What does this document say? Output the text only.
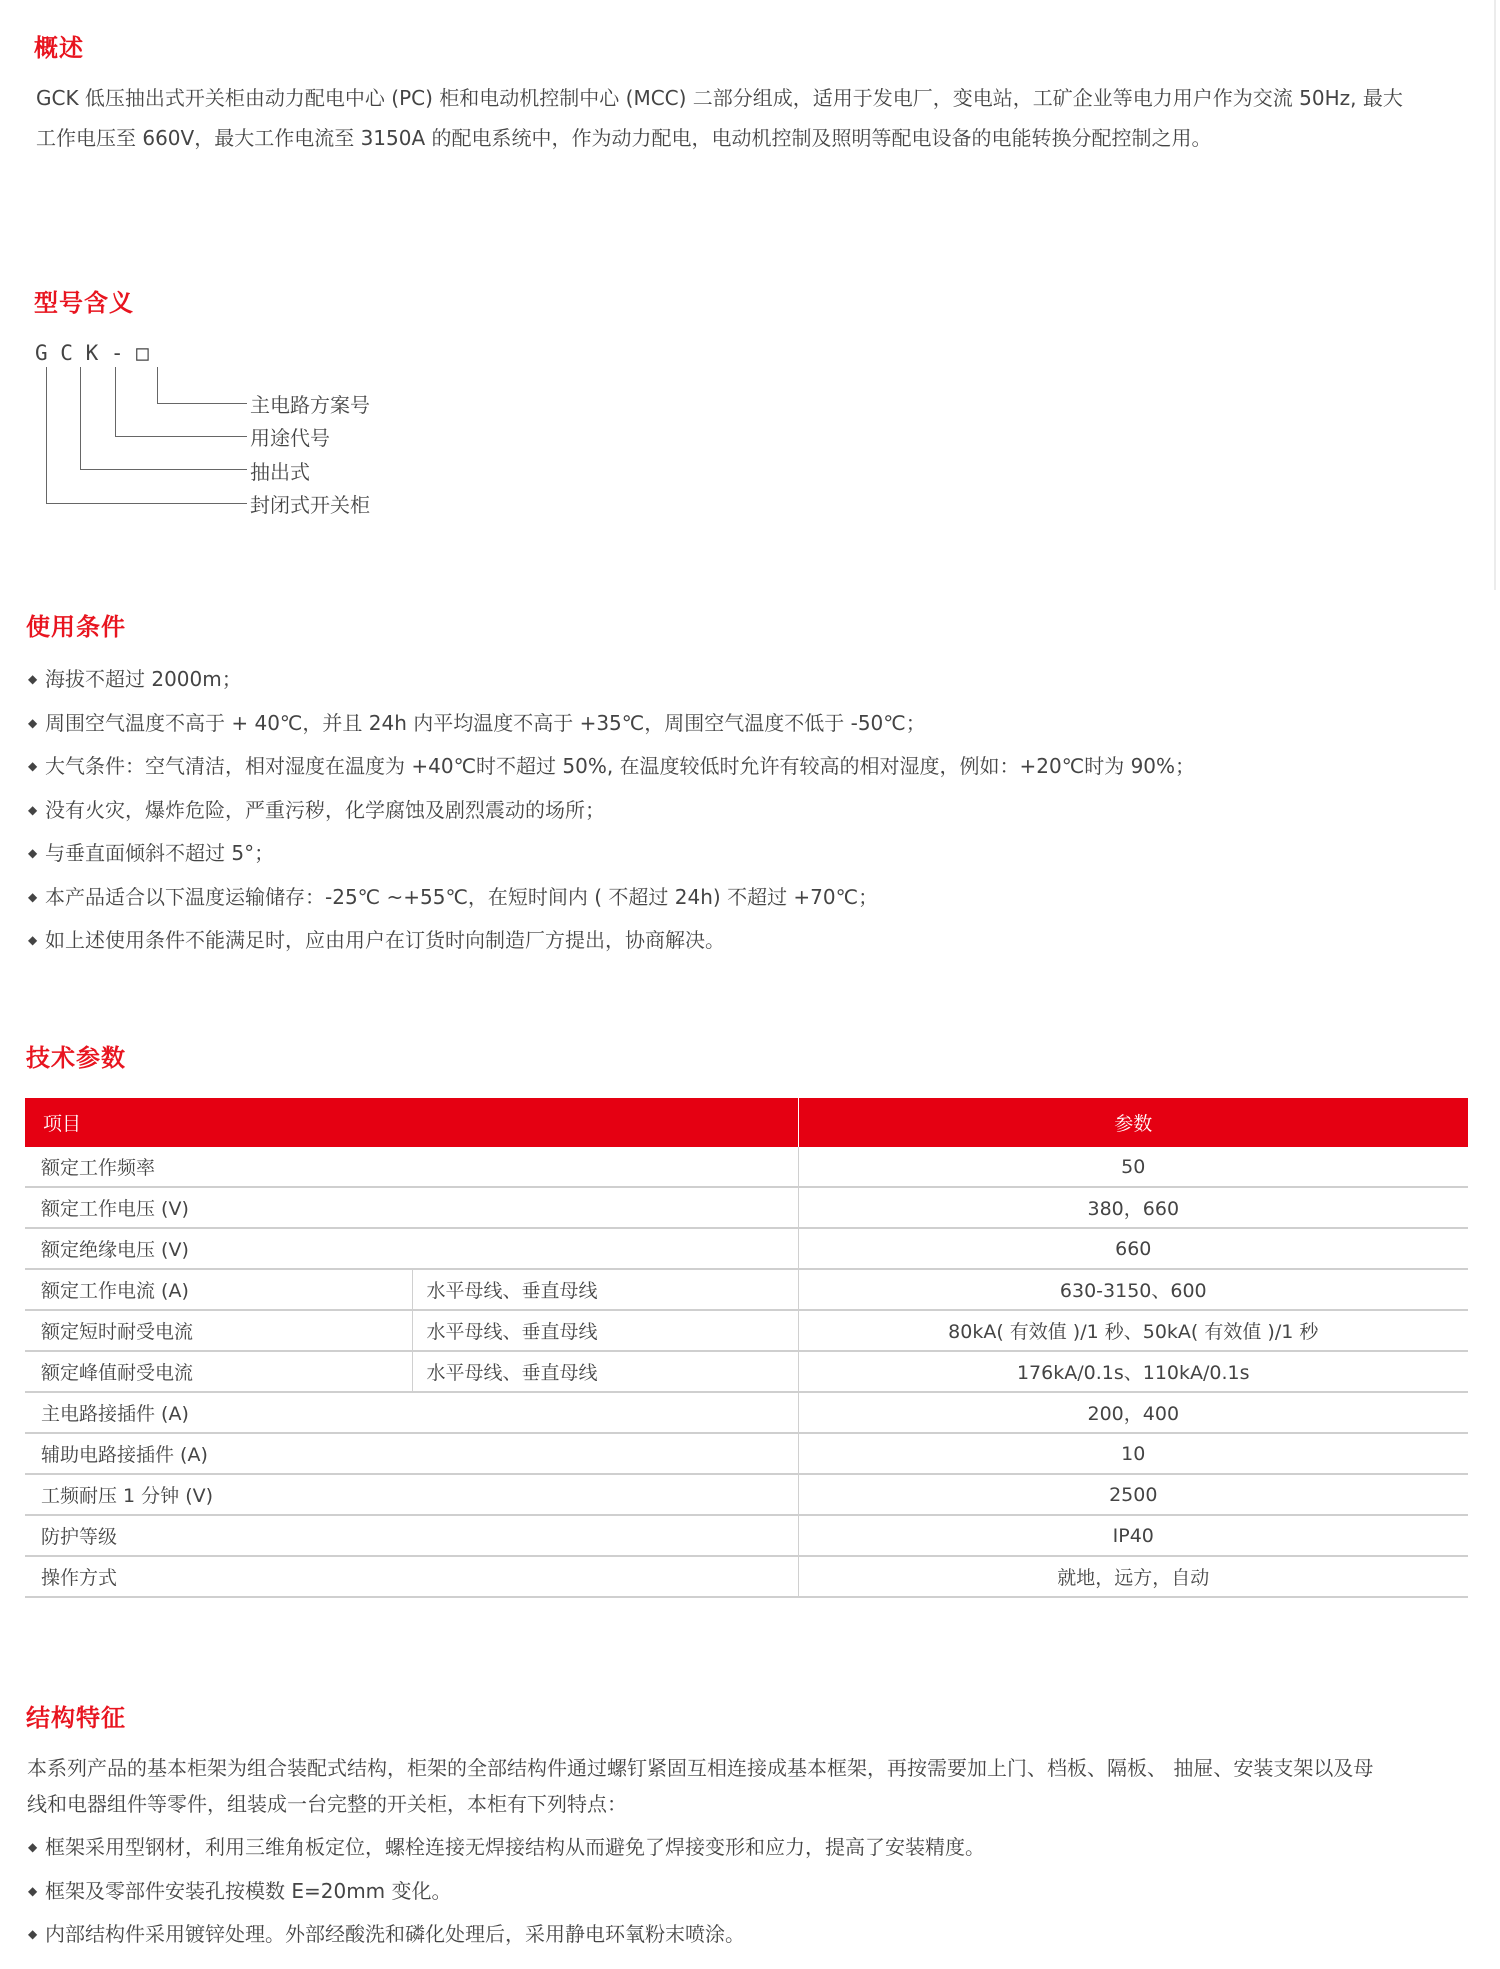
概述

GCK 低压抽出式开关柜由动力配电中心 (PC) 柜和电动机控制中心 (MCC) 二部分组成，适用于发电厂，变电站，工矿企业等电力用户作为交流 50Hz, 最大

工作电压至 660V，最大工作电流至 3150A 的配电系统中，作为动力配电，电动机控制及照明等配电设备的电能转换分配控制之用。

型号含义
G C K - □
主电路方案号
用途代号
抽出式
封闭式开关柜
使用条件
◆ 海拔不超过 2000m；
◆ 周围空气温度不高于 + 40℃，并且 24h 内平均温度不高于 +35℃，周围空气温度不低于 -50℃；
◆ 大气条件：空气清洁，相对湿度在温度为 +40℃时不超过 50%, 在温度较低时允许有较高的相对湿度，例如：+20℃时为 90%；
◆ 没有火灾，爆炸危险，严重污秽，化学腐蚀及剧烈震动的场所；
◆ 与垂直面倾斜不超过 5°；
◆ 本产品适合以下温度运输储存：-25℃ ~+55℃，在短时间内 ( 不超过 24h) 不超过 +70℃；
◆ 如上述使用条件不能满足时，应由用户在订货时向制造厂方提出，协商解决。
技术参数
项目		参数
额定工作频率		50
额定工作电压 (V)		380，660
额定绝缘电压 (V)		660
额定工作电流 (A)	水平母线、垂直母线	630-3150、600
额定短时耐受电流	水平母线、垂直母线	80kA( 有效值 )/1 秒、50kA( 有效值 )/1 秒
额定峰值耐受电流	水平母线、垂直母线	176kA/0.1s、110kA/0.1s
主电路接插件 (A)		200，400
辅助电路接插件 (A)		10
工频耐压 1 分钟 (V)		2500
防护等级		IP40
操作方式		就地，远方，自动
结构特征

本系列产品的基本柜架为组合装配式结构，柜架的全部结构件通过螺钉紧固互相连接成基本框架，再按需要加上门、档板、隔板、 抽屉、安装支架以及母

线和电器组件等零件，组装成一台完整的开关柜，本柜有下列特点：

◆ 框架采用型钢材，利用三维角板定位，螺栓连接无焊接结构从而避免了焊接变形和应力，提高了安装精度。
◆ 框架及零部件安装孔按模数 E=20mm 变化。
◆ 内部结构件采用镀锌处理。外部经酸洗和磷化处理后，采用静电环氧粉末喷涂。
